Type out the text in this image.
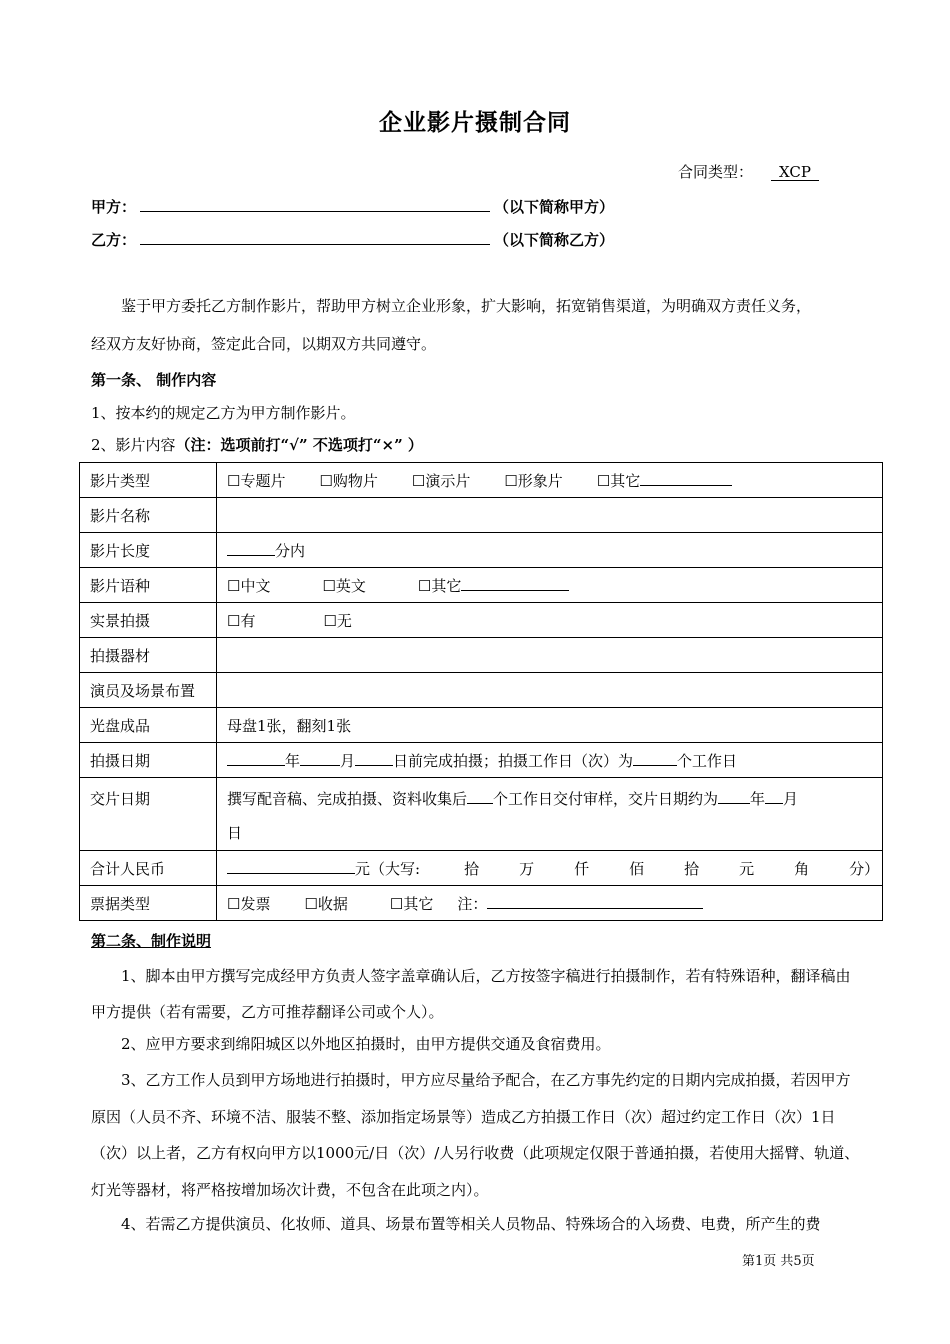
企业影片摄制合同
合同类型： XCP
甲方：	（以下简称甲方）
乙方：	（以下简称乙方）
鉴于甲方委托乙方制作影片，帮助甲方树立企业形象，扩大影响，拓宽销售渠道，为明确双方责任义务，
经双方友好协商，签定此合同，以期双方共同遵守。
第一条、 制作内容
1、按本约的规定乙方为甲方制作影片。
2、影片内容（注：选项前打“√” 不选项打“×” ）
影片类型	☐专题片 ☐购物片 ☐演示片 ☐形象片 ☐其它
影片名称	
影片长度	分内
影片语种	☐中文 ☐英文 ☐其它
实景拍摄	☐有 ☐无
拍摄器材	
演员及场景布置	
光盘成品	母盘1张，翻刻1张
拍摄日期	年 月 日前完成拍摄；拍摄工作日（次）为 个工作日
交片日期	撰写配音稿、完成拍摄、资料收集后 个工作日交付审样，交片日期约为 年 月
日
合计人民币	元（大写: 拾 万 仟 佰 拾 元 角 分）
票据类型	☐发票 ☐收据 ☐其它 注：
第二条、制作说明
1、脚本由甲方撰写完成经甲方负责人签字盖章确认后，乙方按签字稿进行拍摄制作，若有特殊语种，翻译稿由甲方提供（若有需要，乙方可推荐翻译公司或个人）。
2、应甲方要求到绵阳城区以外地区拍摄时，由甲方提供交通及食宿费用。
3、乙方工作人员到甲方场地进行拍摄时，甲方应尽量给予配合，在乙方事先约定的日期内完成拍摄，若因甲方原因（人员不齐、环境不洁、服装不整、添加指定场景等）造成乙方拍摄工作日（次）超过约定工作日（次）1日（次）以上者，乙方有权向甲方以1000元/日（次）/人另行收费（此项规定仅限于普通拍摄，若使用大摇臂、轨道、灯光等器材，将严格按增加场次计费，不包含在此项之内）。
4、若需乙方提供演员、化妆师、道具、场景布置等相关人员物品、特殊场合的入场费、电费，所产生的费
第1页 共5页
